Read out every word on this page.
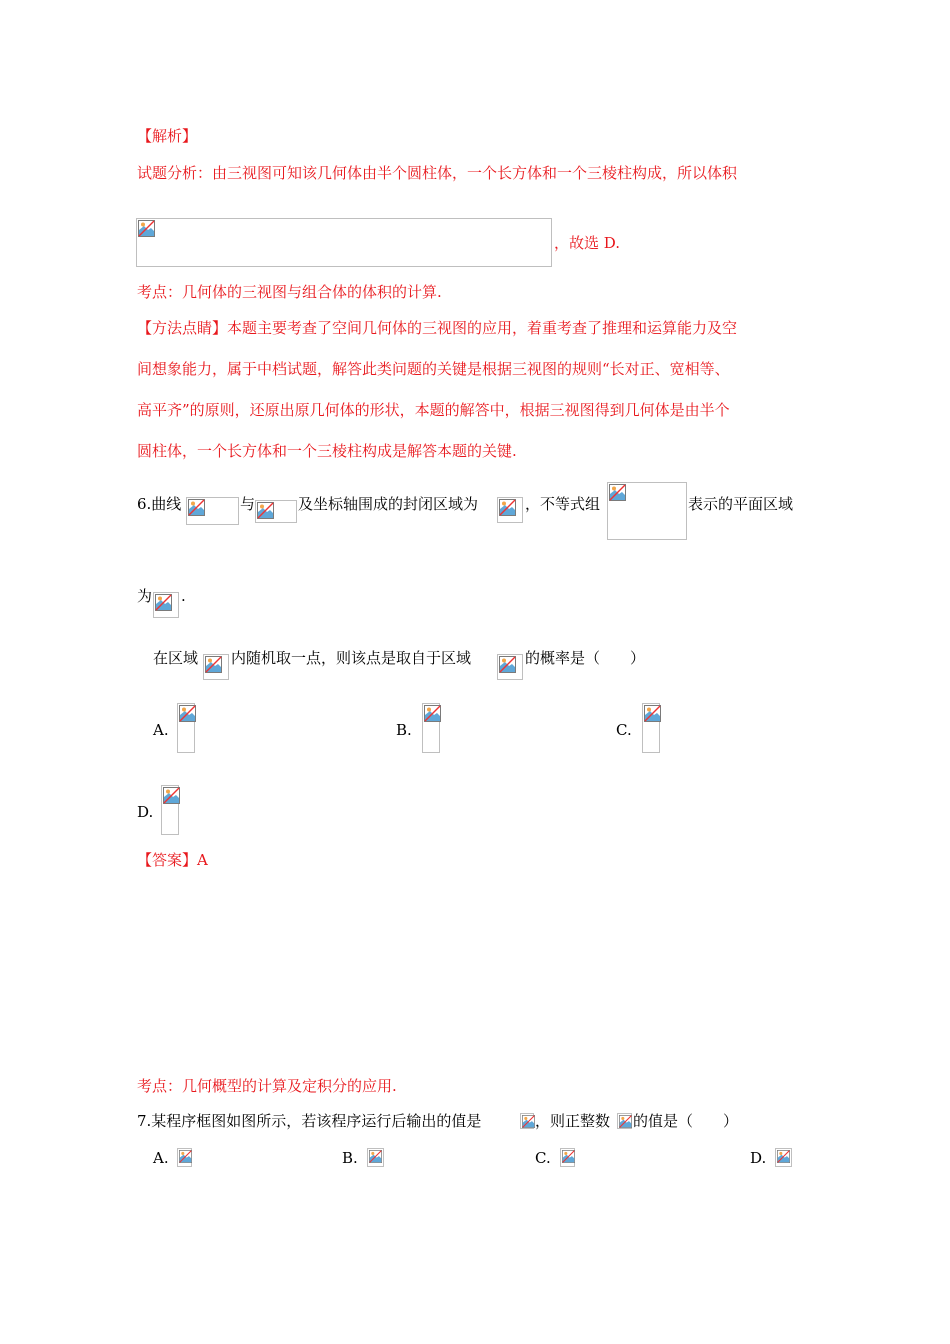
【解析】
试题分析：由三视图可知该几何体由半个圆柱体，一个长方体和一个三棱柱构成，所以体积
，故选 D.
考点：几何体的三视图与组合体的体积的计算.
【方法点睛】本题主要考查了空间几何体的三视图的应用，着重考查了推理和运算能力及空
间想象能力，属于中档试题，解答此类问题的关键是根据三视图的规则“长对正、宽相等、
高平齐”的原则，还原出原几何体的形状，本题的解答中，根据三视图得到几何体是由半个
圆柱体，一个长方体和一个三棱柱构成是解答本题的关键.
6.曲线	与	及坐标轴围成的封闭区域为	，不等式组	表示的平面区域
为 .
在区域 内随机取一点，则该点是取自于区域	的概率是（　　）
A.	B.	C.
D.
【答案】A
考点：几何概型的计算及定积分的应用.
7.某程序框图如图所示，若该程序运行后输出的值是	，则正整数 的值是（　　）
A.	B.	C.	D.
